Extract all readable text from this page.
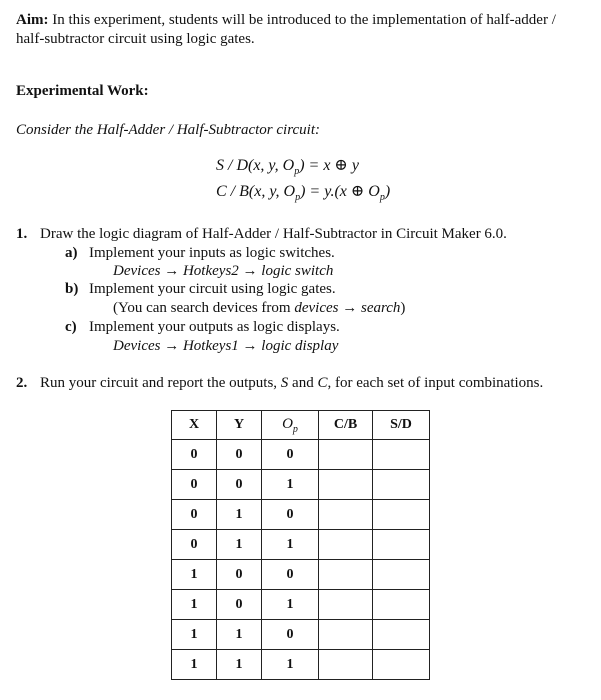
Aim: In this experiment, students will be introduced to the implementation of half-adder /
half-subtractor circuit using logic gates.
Experimental Work:
Consider the Half-Adder / Half-Subtractor circuit:
S / D(x, y, $O_p) = x$ ⊕ y
C / B(x, y, $O_p) = y.(x$ ⊕ $O_p$)
1. Draw the logic diagram of Half-Adder / Half-Subtractor in Circuit Maker 6.0.
a) Implement your inputs as logic switches.
Devices → Hotkeys2 → logic switch
b) Implement your circuit using logic gates.
(You can search devices from devices → search)
c) Implement your outputs as logic displays.
Devices → Hotkeys1 → logic display
2. Run your circuit and report the outputs, S and C, for each set of input combinations.
X	Y	$O_p$	C/B	S/D
0	0	0		
0	0	1		
0	1	0		
0	1	1		
1	0	0		
1	0	1		
1	1	0		
1	1	1		
